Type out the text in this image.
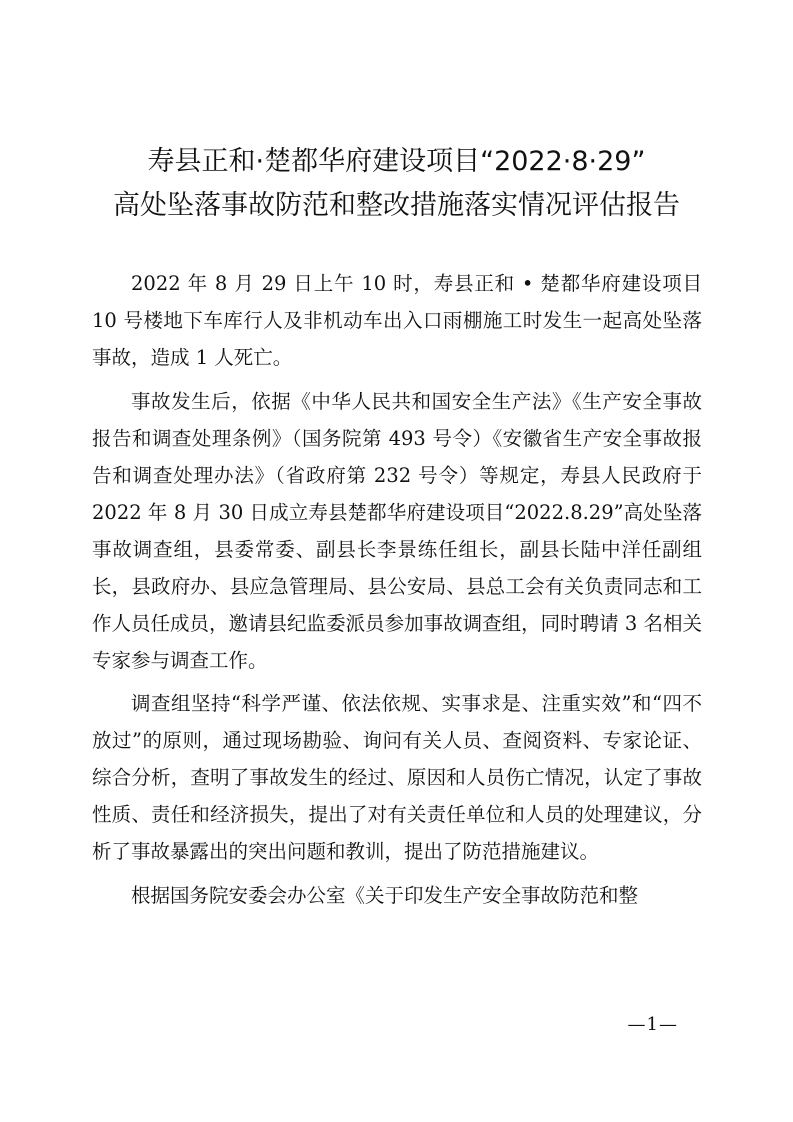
寿县正和·楚都华府建设项目“2022·8·29”
高处坠落事故防范和整改措施落实情况评估报告

2022 年 8 月 29 日上午 10 时，寿县正和 • 楚都华府建设项目 10 号楼地下车库行人及非机动车出入口雨棚施工时发生一起高处坠落事故，造成 1 人死亡。

事故发生后，依据《中华人民共和国安全生产法》《生产安全事故报告和调查处理条例》（国务院第 493 号令）《安徽省生产安全事故报告和调查处理办法》（省政府第 232 号令）等规定，寿县人民政府于 2022 年 8 月 30 日成立寿县楚都华府建设项目“2022.8.29”高处坠落事故调查组，县委常委、副县长李景练任组长，副县长陆中洋任副组长，县政府办、县应急管理局、县公安局、县总工会有关负责同志和工作人员任成员，邀请县纪监委派员参加事故调查组，同时聘请 3 名相关专家参与调查工作。

调查组坚持“科学严谨、依法依规、实事求是、注重实效”和“四不放过”的原则，通过现场勘验、询问有关人员、查阅资料、专家论证、综合分析，查明了事故发生的经过、原因和人员伤亡情况，认定了事故性质、责任和经济损失，提出了对有关责任单位和人员的处理建议，分析了事故暴露出的突出问题和教训，提出了防范措施建议。

根据国务院安委会办公室《关于印发生产安全事故防范和整

—1—
